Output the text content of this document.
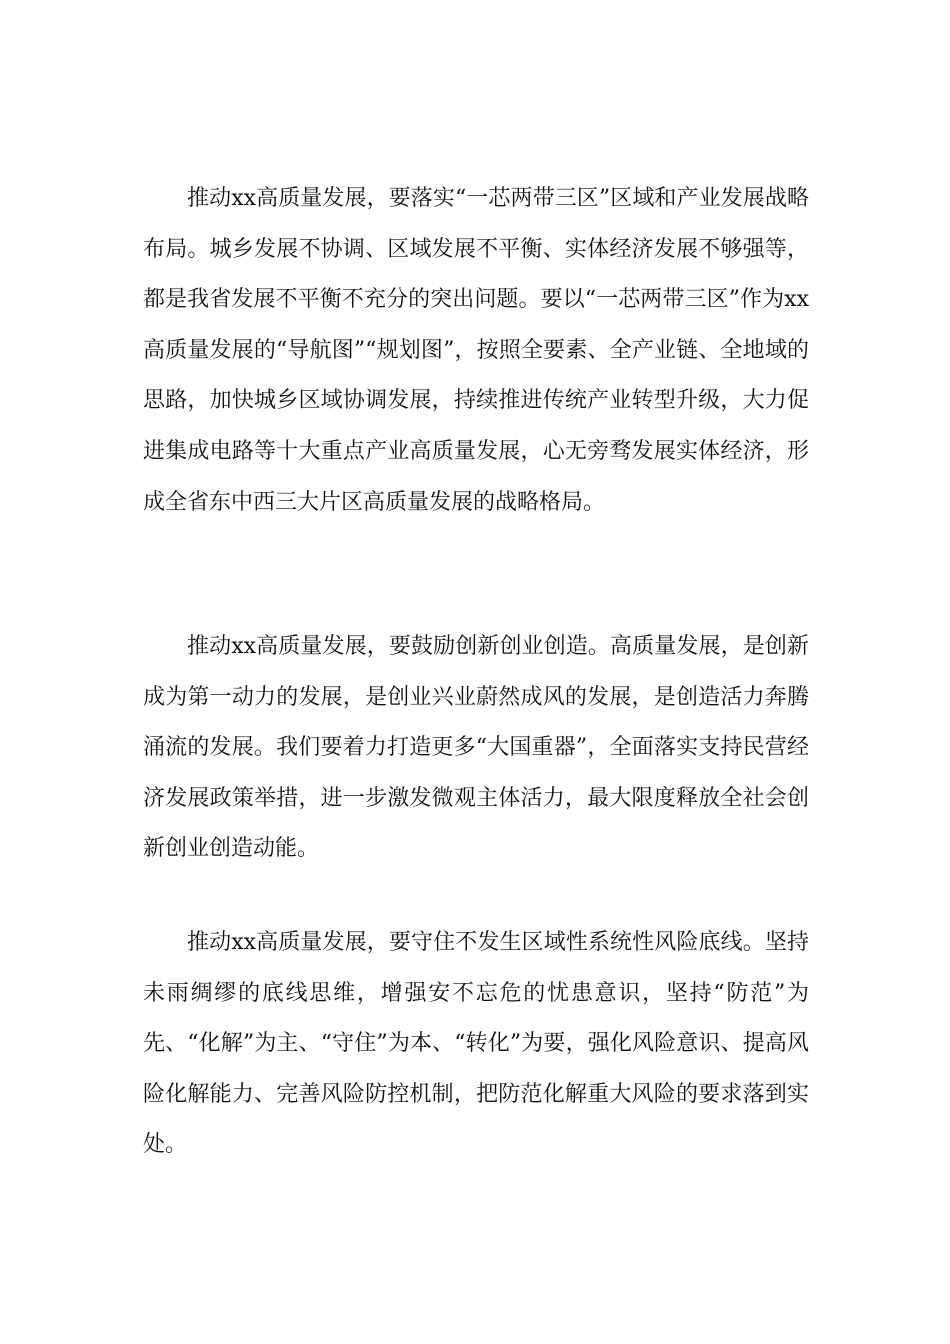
推动xx高质量发展，要落实“一芯两带三区”区域和产业发展战略布局。城乡发展不协调、区域发展不平衡、实体经济发展不够强等，都是我省发展不平衡不充分的突出问题。要以“一芯两带三区”作为xx高质量发展的“导航图”“规划图”，按照全要素、全产业链、全地域的思路，加快城乡区域协调发展，持续推进传统产业转型升级，大力促进集成电路等十大重点产业高质量发展，心无旁骛发展实体经济，形成全省东中西三大片区高质量发展的战略格局。

推动xx高质量发展，要鼓励创新创业创造。高质量发展，是创新成为第一动力的发展，是创业兴业蔚然成风的发展，是创造活力奔腾涌流的发展。我们要着力打造更多“大国重器”，全面落实支持民营经济发展政策举措，进一步激发微观主体活力，最大限度释放全社会创新创业创造动能。

推动xx高质量发展，要守住不发生区域性系统性风险底线。坚持未雨绸缪的底线思维，增强安不忘危的忧患意识，坚持“防范”为先、“化解”为主、“守住”为本、“转化”为要，强化风险意识、提高风险化解能力、完善风险防控机制，把防范化解重大风险的要求落到实处。
